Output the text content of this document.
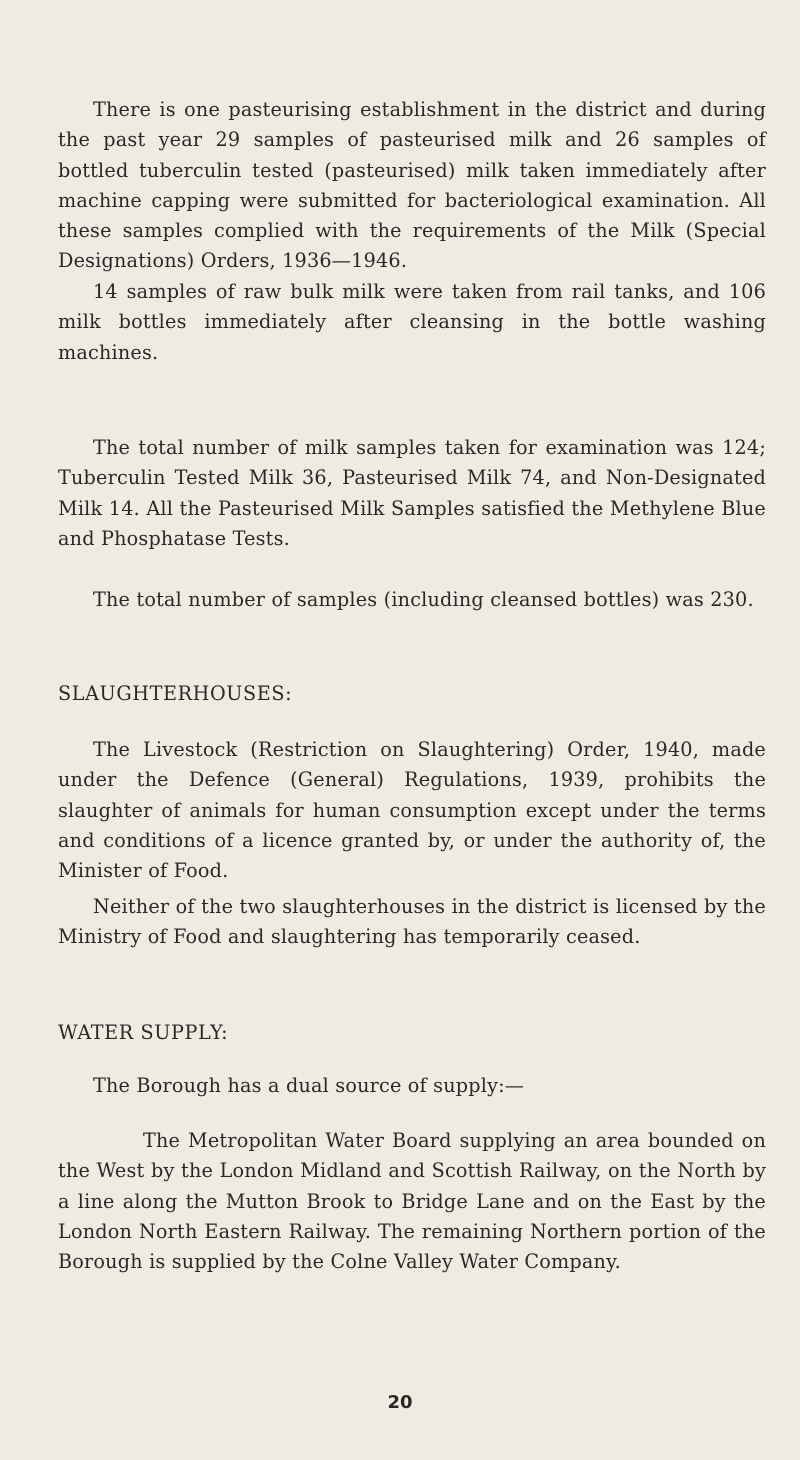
There is one pasteurising establishment in the district and during the past year 29 samples of pasteurised milk and 26 samples of bottled tuberculin tested (pasteurised) milk taken immediately after machine capping were submitted for bacteriological examination. All these samples complied with the requirements of the Milk (Special Designations) Orders, 1936—1946.

14 samples of raw bulk milk were taken from rail tanks, and 106 milk bottles immediately after cleansing in the bottle washing machines.

The total number of milk samples taken for examination was 124; Tuberculin Tested Milk 36, Pasteurised Milk 74, and Non-Designated Milk 14. All the Pasteurised Milk Samples satisfied the Methylene Blue and Phosphatase Tests.

The total number of samples (including cleansed bottles) was 230.

SLAUGHTERHOUSES:

The Livestock (Restriction on Slaughtering) Order, 1940, made under the Defence (General) Regulations, 1939, prohibits the slaughter of animals for human consumption except under the terms and conditions of a licence granted by, or under the authority of, the Minister of Food.

Neither of the two slaughterhouses in the district is licensed by the Ministry of Food and slaughtering has temporarily ceased.

WATER SUPPLY:

The Borough has a dual source of supply:—

The Metropolitan Water Board supplying an area bounded on the West by the London Midland and Scottish Railway, on the North by a line along the Mutton Brook to Bridge Lane and on the East by the London North Eastern Railway. The remaining Northern portion of the Borough is supplied by the Colne Valley Water Company.

20
